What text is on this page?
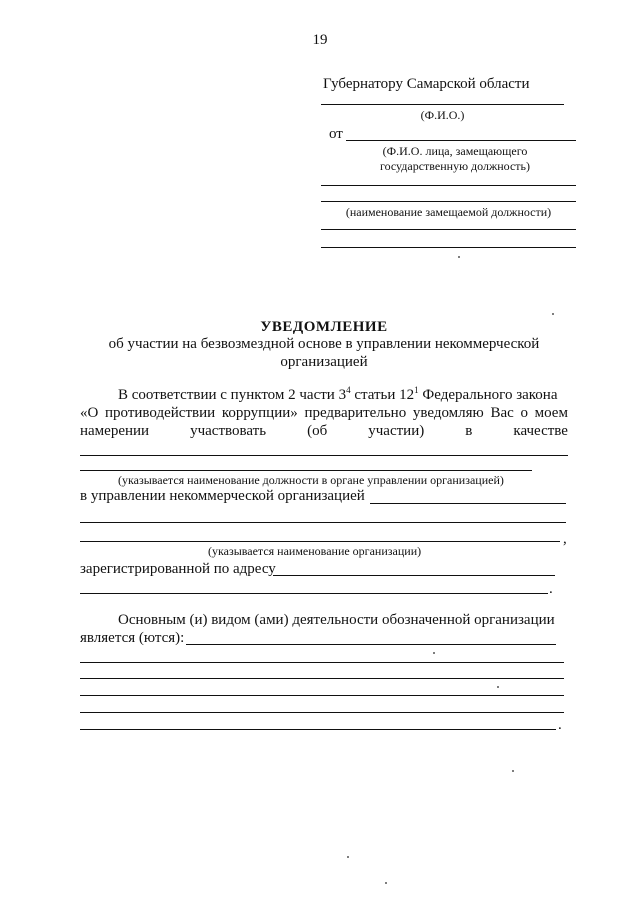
19
Губернатору Самарской области
(Ф.И.О.)
от
(Ф.И.О. лица, замещающего
государственную должность)
(наименование замещаемой должности)
УВЕДОМЛЕНИЕ
об участии на безвозмездной основе в управлении некоммерческой
организацией
В соответствии с пунктом 2 части $3^4$ статьи $12^1$ Федерального закона
«О противодействии коррупции» предварительно уведомляю Вас о моем
намерении	участвовать	(об	участии)	в	качестве
(указывается наименование должности в органе управлении организацией)
в управлении некоммерческой организацией
,
(указывается наименование организации)
зарегистрированной по адресу
.
Основным (и) видом (ами) деятельности обозначенной организации
является (ются):
.
